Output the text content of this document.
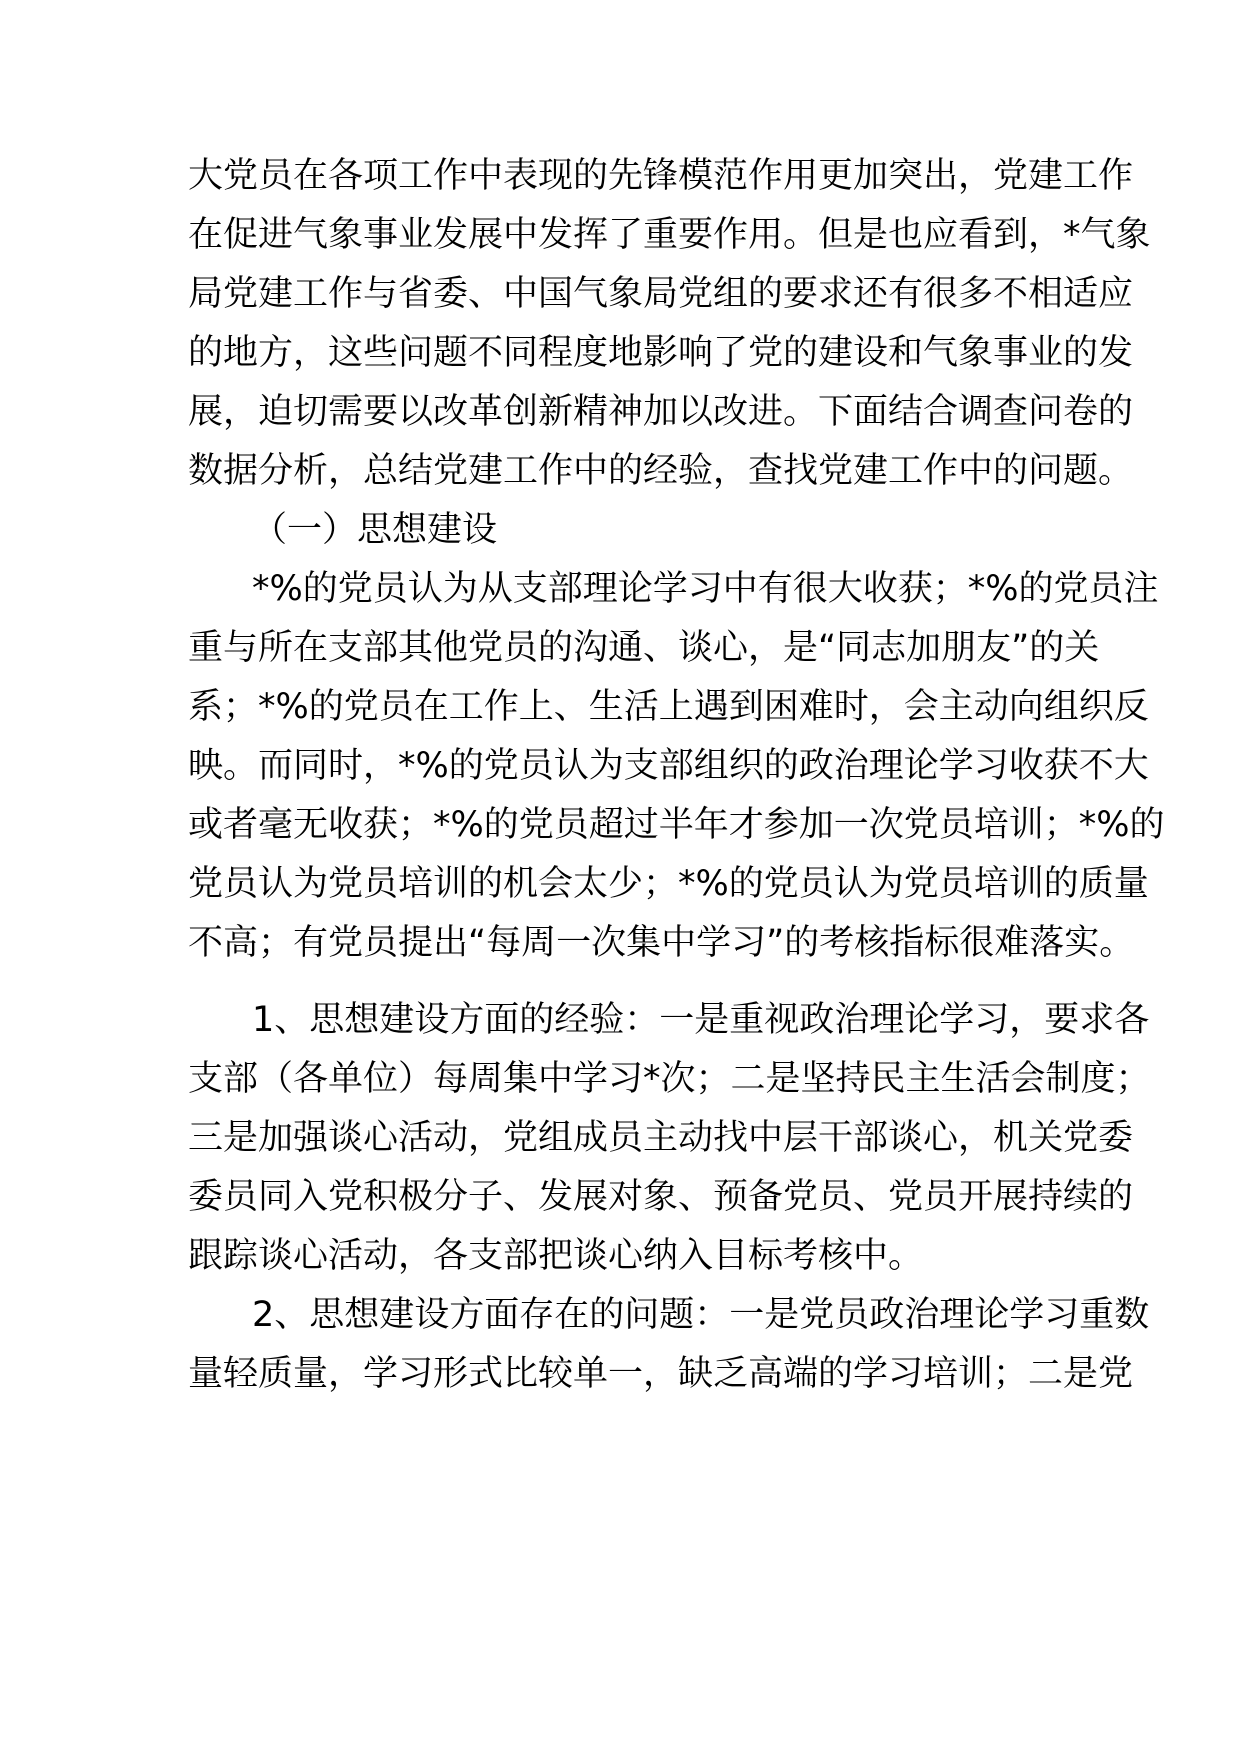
大党员在各项工作中表现的先锋模范作用更加突出，党建工作
在促进气象事业发展中发挥了重要作用。但是也应看到，*气象
局党建工作与省委、中国气象局党组的要求还有很多不相适应
的地方，这些问题不同程度地影响了党的建设和气象事业的发
展，迫切需要以改革创新精神加以改进。下面结合调查问卷的
数据分析，总结党建工作中的经验，查找党建工作中的问题。
（一）思想建设
*%的党员认为从支部理论学习中有很大收获；*%的党员注
重与所在支部其他党员的沟通、谈心，是“同志加朋友”的关
系；*%的党员在工作上、生活上遇到困难时，会主动向组织反
映。而同时，*%的党员认为支部组织的政治理论学习收获不大
或者毫无收获；*%的党员超过半年才参加一次党员培训；*%的
党员认为党员培训的机会太少；*%的党员认为党员培训的质量
不高；有党员提出“每周一次集中学习”的考核指标很难落实。
1、思想建设方面的经验：一是重视政治理论学习，要求各
支部（各单位）每周集中学习*次；二是坚持民主生活会制度；
三是加强谈心活动，党组成员主动找中层干部谈心，机关党委
委员同入党积极分子、发展对象、预备党员、党员开展持续的
跟踪谈心活动，各支部把谈心纳入目标考核中。
2、思想建设方面存在的问题：一是党员政治理论学习重数
量轻质量，学习形式比较单一，缺乏高端的学习培训；二是党
